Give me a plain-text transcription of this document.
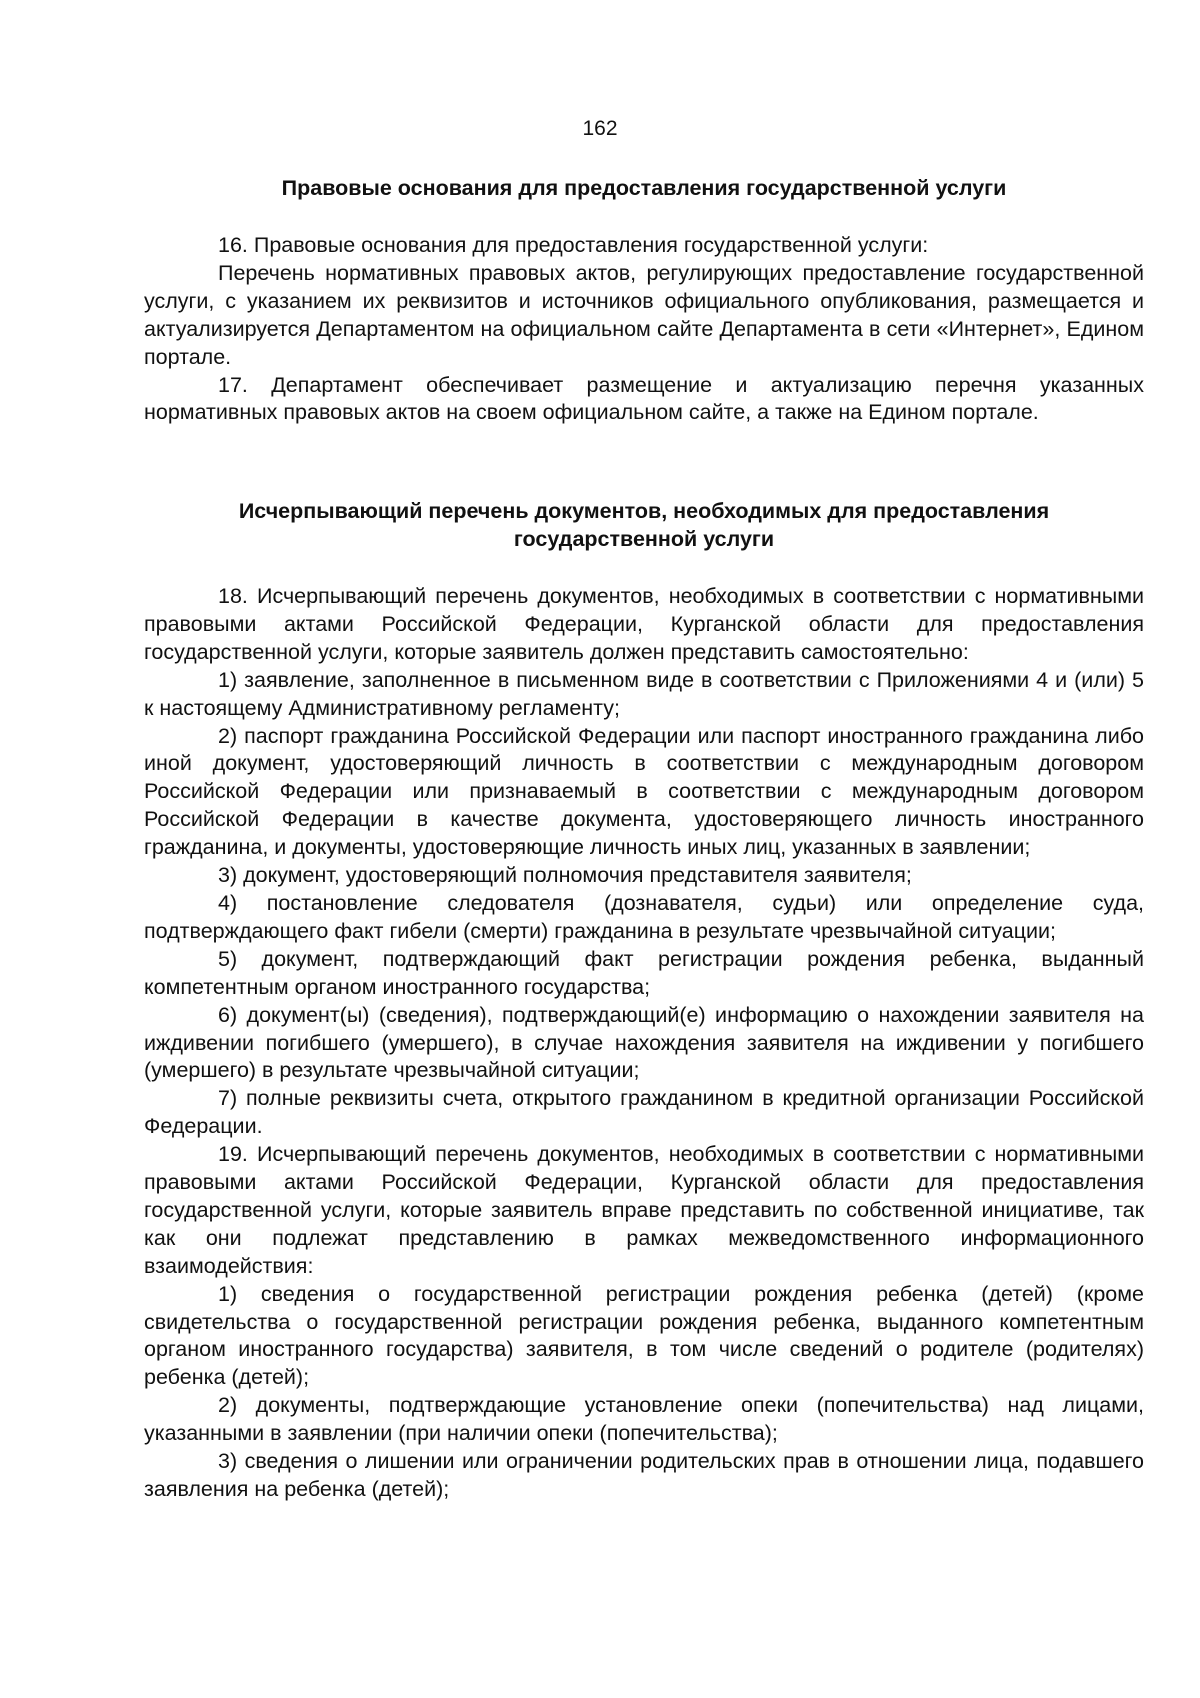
162

Правовые основания для предоставления государственной услуги

16. Правовые основания для предоставления государственной услуги:

Перечень нормативных правовых актов, регулирующих предоставление государственной услуги, с указанием их реквизитов и источников официального опубликования, размещается и актуализируется Департаментом на официальном сайте Департамента в сети «Интернет», Едином портале.

17. Департамент обеспечивает размещение и актуализацию перечня указанных нормативных правовых актов на своем официальном сайте, а также на Едином портале.

Исчерпывающий перечень документов, необходимых для предоставления

государственной услуги

18. Исчерпывающий перечень документов, необходимых в соответствии с нормативными правовыми актами Российской Федерации, Курганской области для предоставления государственной услуги, которые заявитель должен представить самостоятельно:

1) заявление, заполненное в письменном виде в соответствии с Приложениями 4 и (или) 5 к настоящему Административному регламенту;

2) паспорт гражданина Российской Федерации или паспорт иностранного гражданина либо иной документ, удостоверяющий личность в соответствии с международным договором Российской Федерации или признаваемый в соответствии с международным договором Российской Федерации в качестве документа, удостоверяющего личность иностранного гражданина, и документы, удостоверяющие личность иных лиц, указанных в заявлении;

3) документ, удостоверяющий полномочия представителя заявителя;

4) постановление следователя (дознавателя, судьи) или определение суда, подтверждающего факт гибели (смерти) гражданина в результате чрезвычайной ситуации;

5) документ, подтверждающий факт регистрации рождения ребенка, выданный компетентным органом иностранного государства;

6) документ(ы) (сведения), подтверждающий(е) информацию о нахождении заявителя на иждивении погибшего (умершего), в случае нахождения заявителя на иждивении у погибшего (умершего) в результате чрезвычайной ситуации;

7) полные реквизиты счета, открытого гражданином в кредитной организации Российской Федерации.

19. Исчерпывающий перечень документов, необходимых в соответствии с нормативными правовыми актами Российской Федерации, Курганской области для предоставления государственной услуги, которые заявитель вправе представить по собственной инициативе, так как они подлежат представлению в рамках межведомственного информационного взаимодействия:

1) сведения о государственной регистрации рождения ребенка (детей) (кроме свидетельства о государственной регистрации рождения ребенка, выданного компетентным органом иностранного государства) заявителя, в том числе сведений о родителе (родителях) ребенка (детей);

2) документы, подтверждающие установление опеки (попечительства) над лицами, указанными в заявлении (при наличии опеки (попечительства);

3) сведения о лишении или ограничении родительских прав в отношении лица, подавшего заявления на ребенка (детей);
